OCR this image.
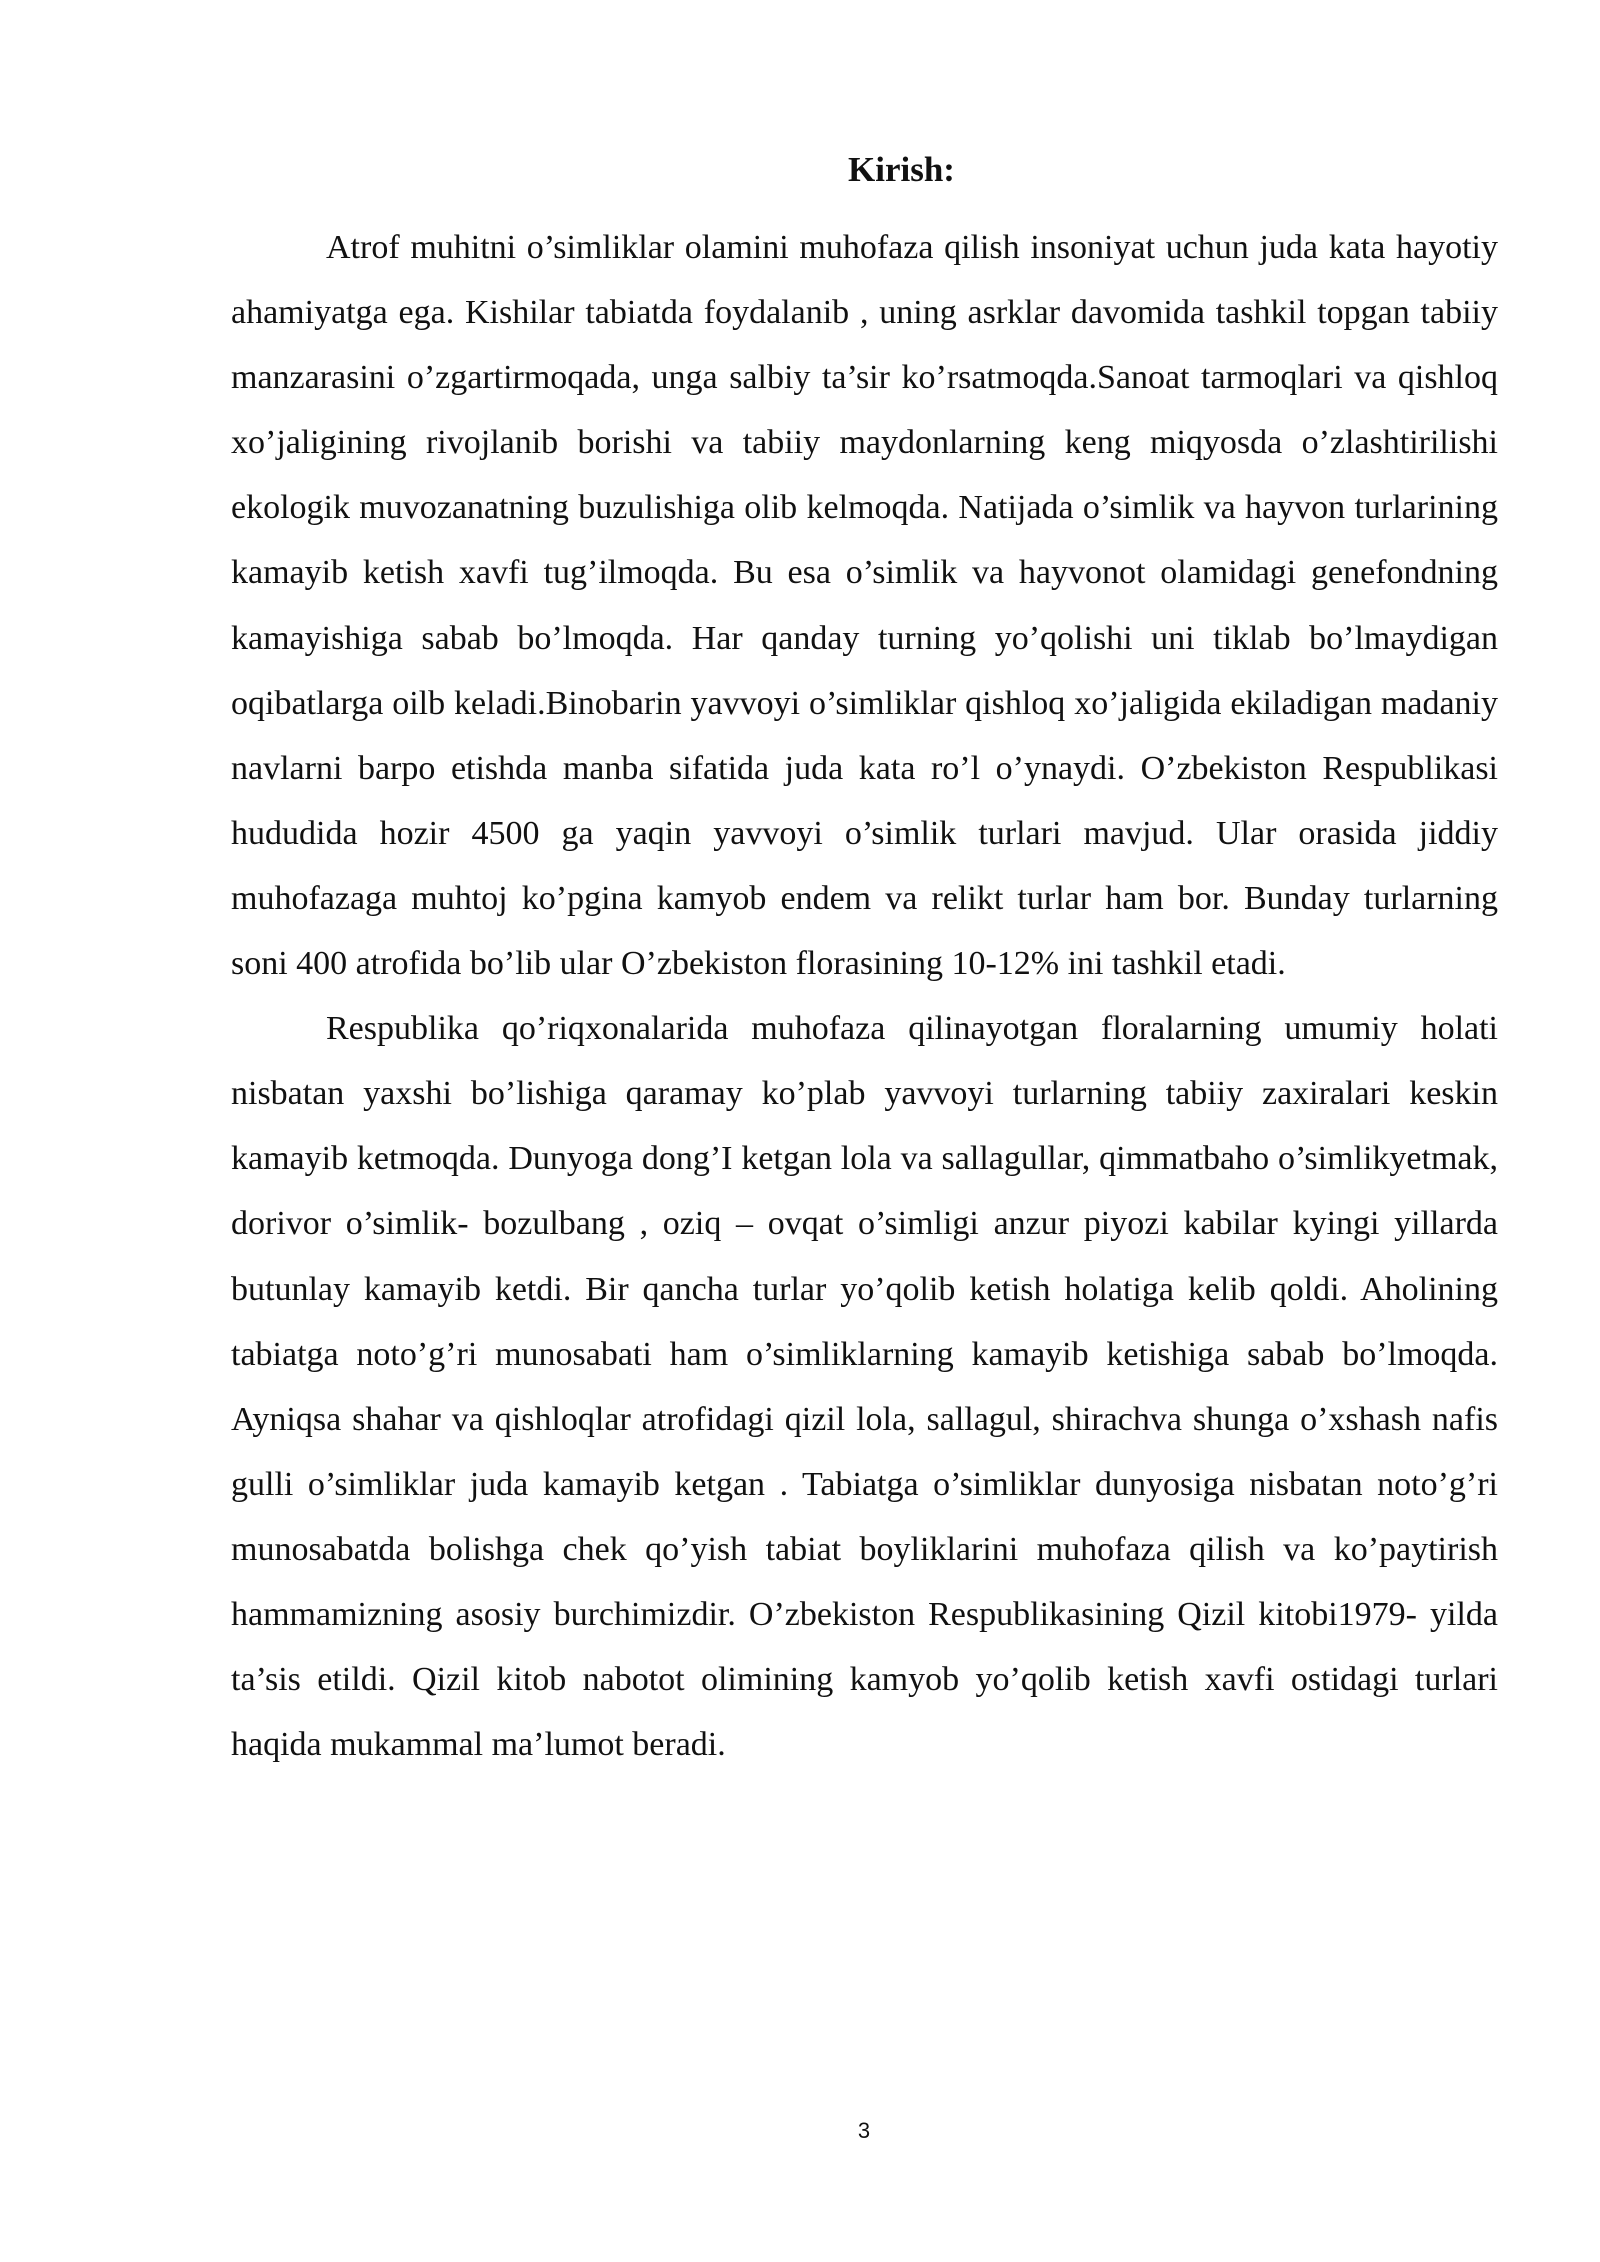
Kirish:

Atrof muhitni o’simliklar olamini muhofaza qilish insoniyat uchun juda kata hayotiy ahamiyatga ega. Kishilar tabiatda foydalanib , uning asrklar davomida tashkil topgan tabiiy manzarasini o’zgartirmoqada, unga salbiy ta’sir ko’rsatmoqda.Sanoat tarmoqlari va qishloq xo’jaligining rivojlanib borishi va tabiiy maydonlarning keng miqyosda o’zlashtirilishi ekologik muvozanatning buzulishiga olib kelmoqda. Natijada o’simlik va hayvon turlarining kamayib ketish xavfi tug’ilmoqda. Bu esa o’simlik va hayvonot olamidagi genefondning kamayishiga sabab bo’lmoqda. Har qanday turning yo’qolishi uni tiklab bo’lmaydigan oqibatlarga oilb keladi.Binobarin yavvoyi o’simliklar qishloq xo’jaligida ekiladigan madaniy navlarni barpo etishda manba sifatida juda kata ro’l o’ynaydi. O’zbekiston Respublikasi hududida hozir 4500 ga yaqin yavvoyi o’simlik turlari mavjud. Ular orasida jiddiy muhofazaga muhtoj ko’pgina kamyob endem va relikt turlar ham bor. Bunday turlarning soni 400 atrofida bo’lib ular O’zbekiston florasining 10-12% ini tashkil etadi.

Respublika qo’riqxonalarida muhofaza qilinayotgan floralarning umumiy holati nisbatan yaxshi bo’lishiga qaramay ko’plab yavvoyi turlarning tabiiy zaxiralari keskin kamayib ketmoqda. Dunyoga dong’I ketgan lola va sallagullar, qimmatbaho o’simlikyetmak, dorivor o’simlik- bozulbang , oziq – ovqat o’simligi anzur piyozi kabilar kyingi yillarda butunlay kamayib ketdi. Bir qancha turlar yo’qolib ketish holatiga kelib qoldi. Aholining tabiatga noto’g’ri munosabati ham o’simliklarning kamayib ketishiga sabab bo’lmoqda. Ayniqsa shahar va qishloqlar atrofidagi qizil lola, sallagul, shirachva shunga o’xshash nafis gulli o’simliklar juda kamayib ketgan . Tabiatga o’simliklar dunyosiga nisbatan noto’g’ri munosabatda bolishga chek qo’yish tabiat boyliklarini muhofaza qilish va ko’paytirish hammamizning asosiy burchimizdir. O’zbekiston Respublikasining Qizil kitobi1979- yilda ta’sis etildi. Qizil kitob nabotot olimining kamyob yo’qolib ketish xavfi ostidagi turlari haqida mukammal ma’lumot beradi.

3
